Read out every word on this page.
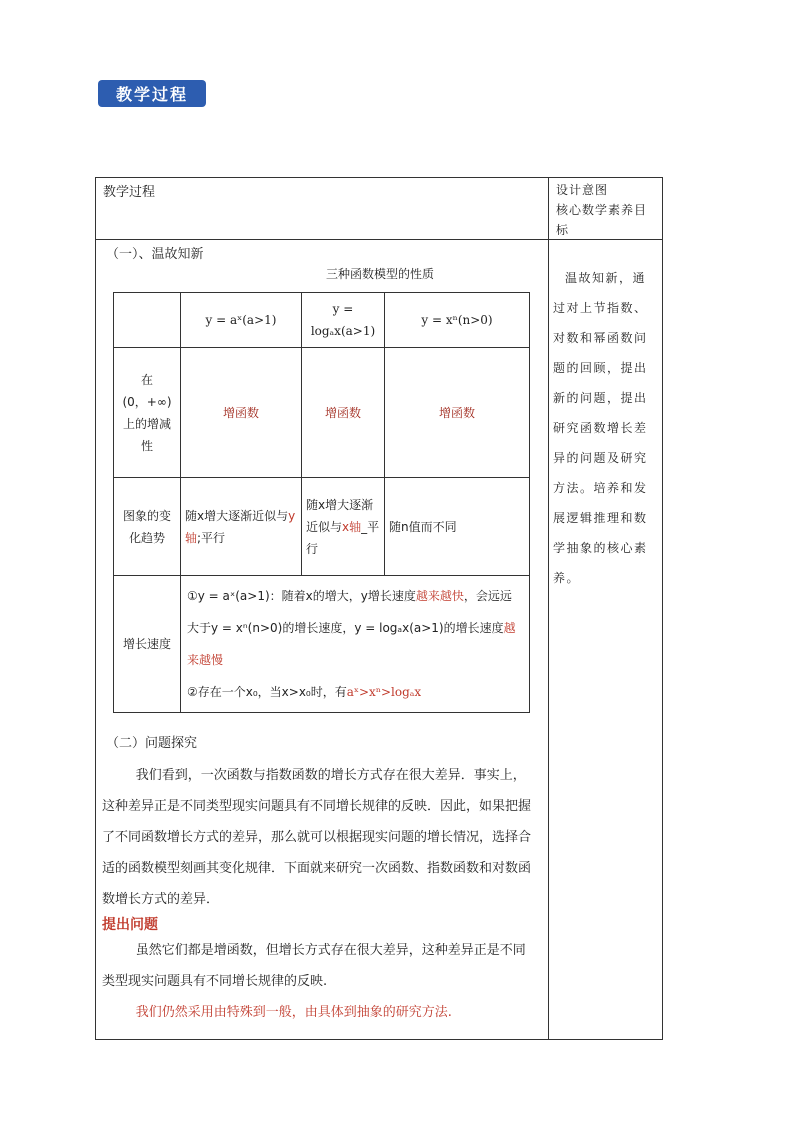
教学过程
教学过程	设计意图
核心数学素养目标
温故知新，通过对上节指数、对数和幂函数问题的回顾，提出新的问题，提出研究函数增长差异的问题及研究方法。培养和发展逻辑推理和数学抽象的核心素养。
（一）、温故知新
三种函数模型的性质
	y = aˣ(a>1)	y = logₐx(a>1)	y = xⁿ(n>0)
在(0，+∞)上的增减性	增函数	增函数	增函数
图象的变化趋势	随x增大逐渐近似与y轴;平行	随x增大逐渐近似与x轴_平行	随n值而不同
增长速度	①y = aˣ(a>1)：随着x的增大，y增长速度越来越快，会远远大于y = xⁿ(n>0)的增长速度，y = logₐx(a>1)的增长速度越来越慢
②存在一个x₀，当x>x₀时，有aˣ>xⁿ>logₐx		
（二）问题探究
我们看到，一次函数与指数函数的增长方式存在很大差异．事实上，这种差异正是不同类型现实问题具有不同增长规律的反映．因此，如果把握了不同函数增长方式的差异，那么就可以根据现实问题的增长情况，选择合适的函数模型刻画其变化规律．下面就来研究一次函数、指数函数和对数函数增长方式的差异．
提出问题
虽然它们都是增函数，但增长方式存在很大差异，这种差异正是不同类型现实问题具有不同增长规律的反映.
我们仍然采用由特殊到一般，由具体到抽象的研究方法.
